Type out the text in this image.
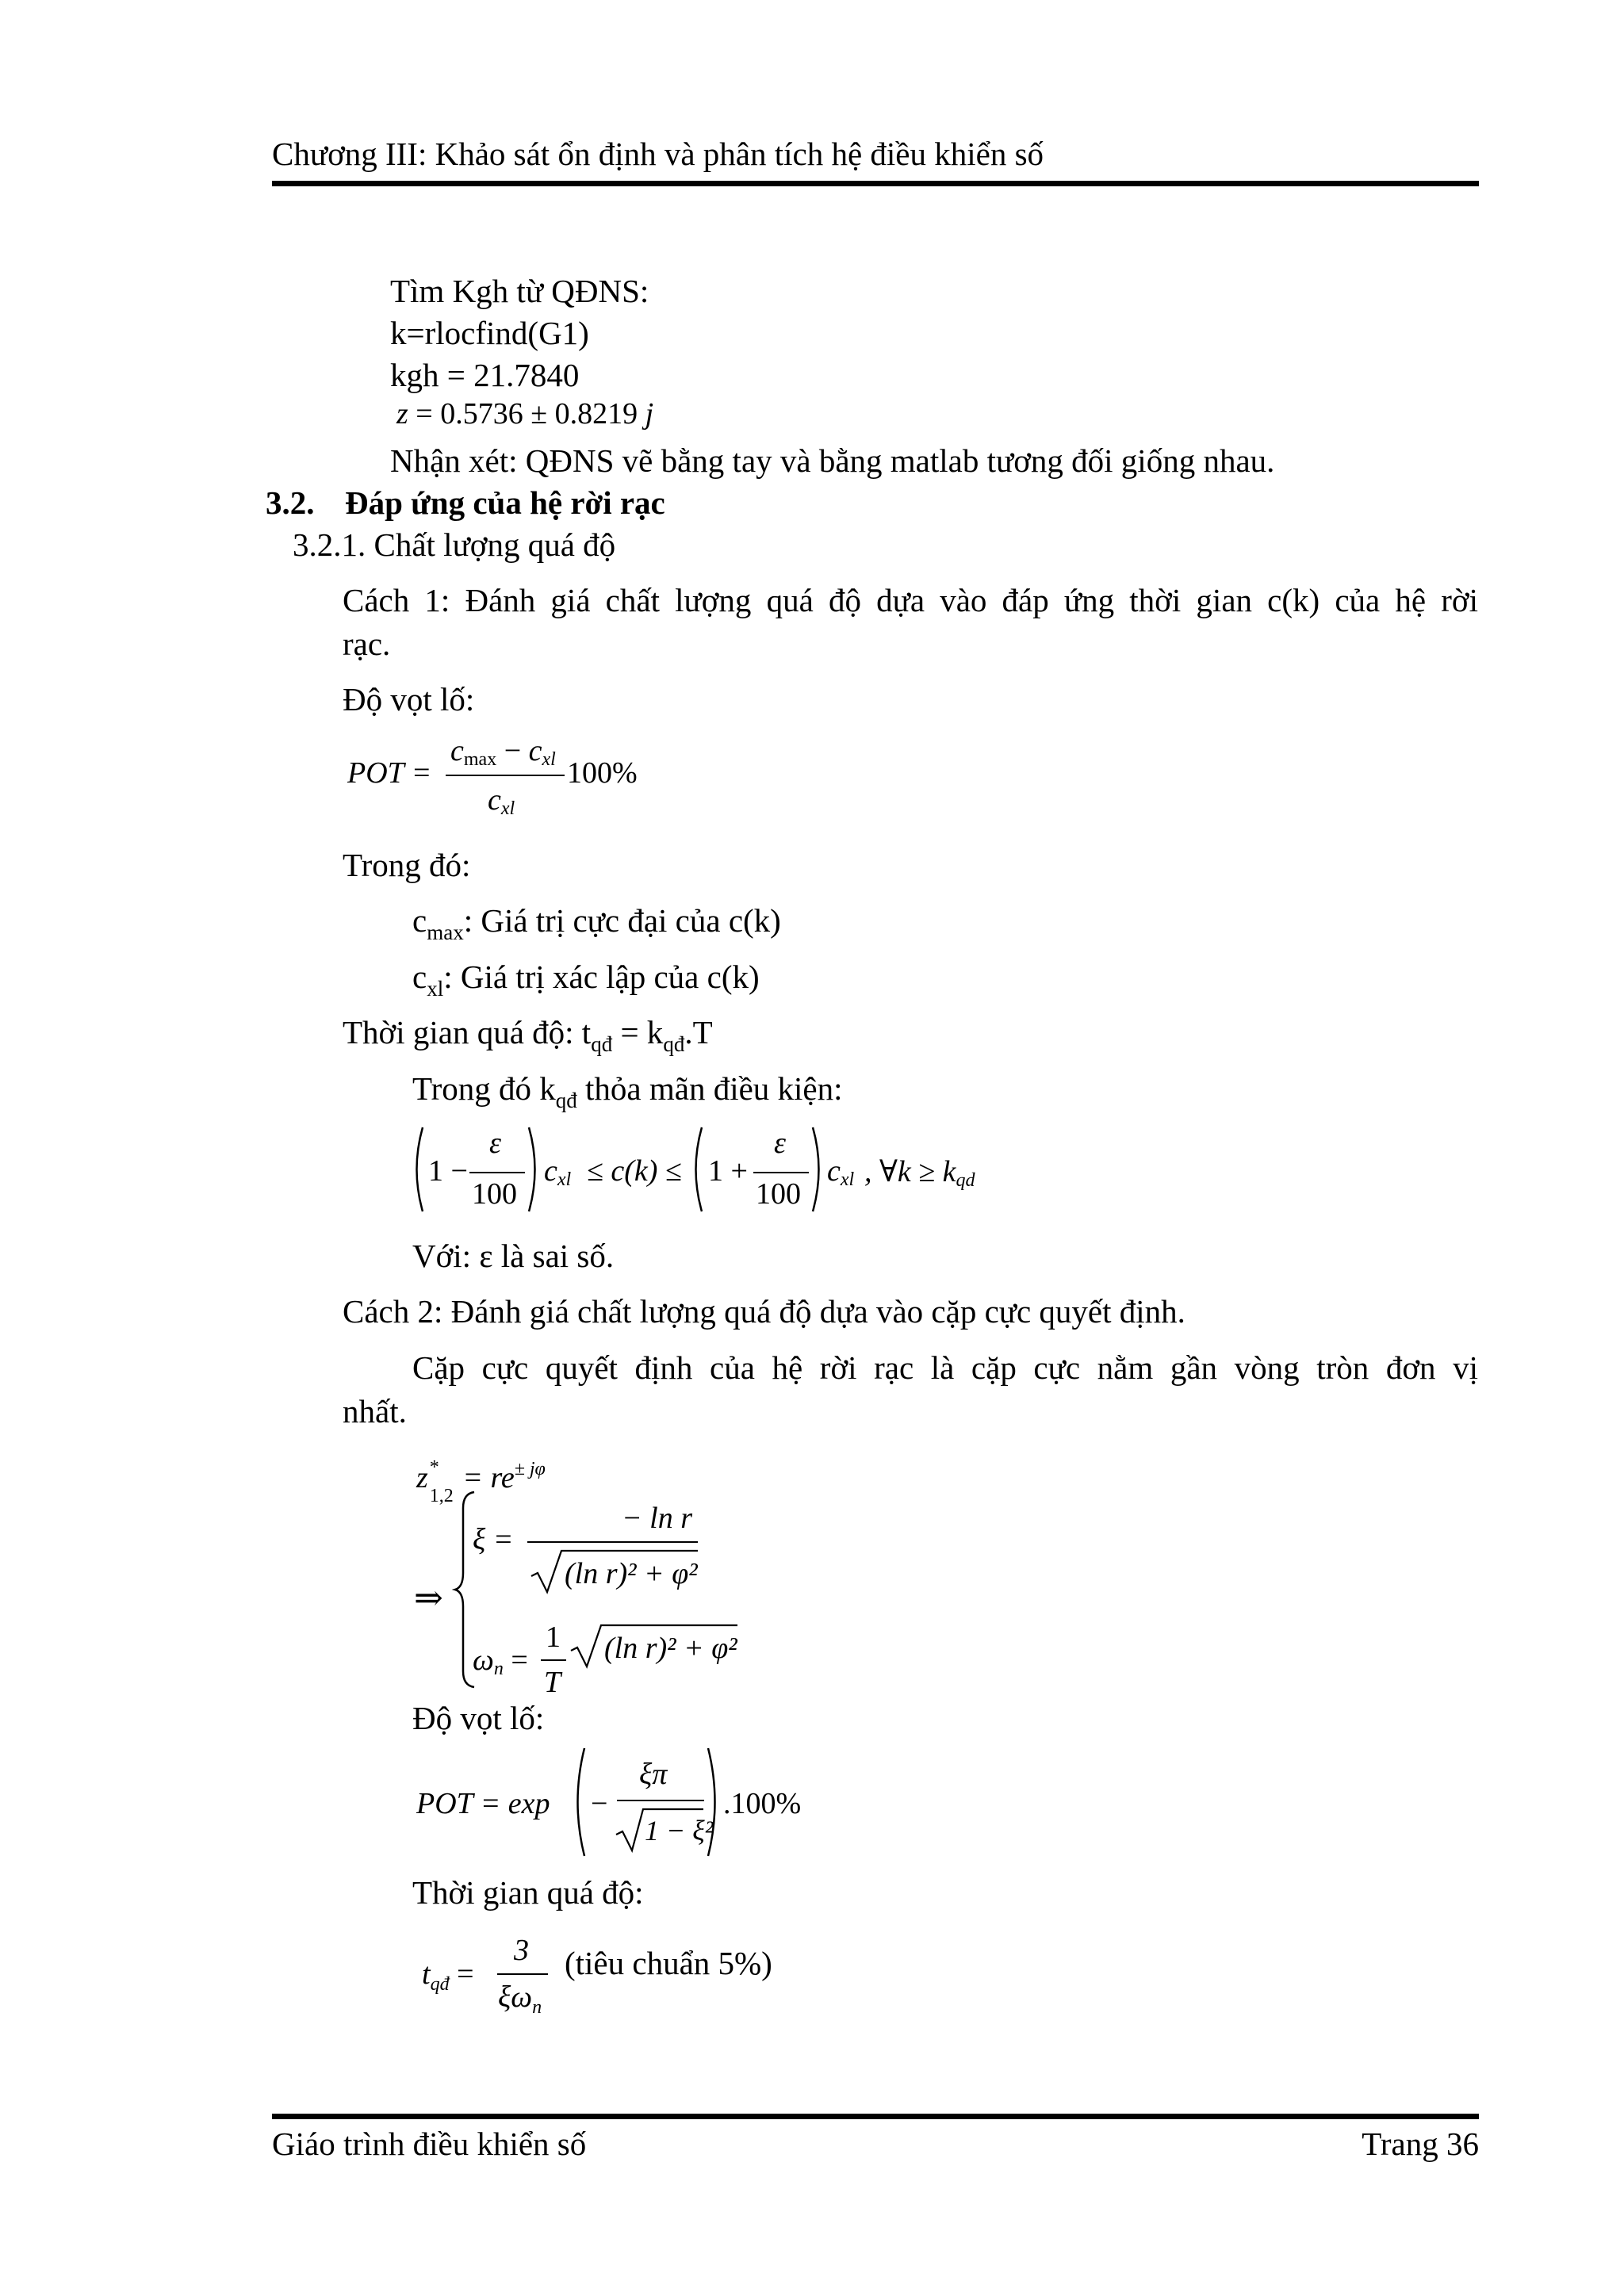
Chương III: Khảo sát ổn định và phân tích hệ điều khiển số
Tìm Kgh từ QĐNS:
k=rlocfind(G1)
kgh = 21.7840
z = 0.5736 ± 0.8219 j
Nhận xét: QĐNS vẽ bằng tay và bằng matlab tương đối giống nhau.
3.2. Đáp ứng của hệ rời rạc
3.2.1. Chất lượng quá độ
Cách 1: Đánh giá chất lượng quá độ dựa vào đáp ứng thời gian c(k) của hệ rời
rạc.
Độ vọt lố:
POT =
cmax − cxl
cxl
100%
Trong đó:
$c_{max}$: Giá trị cực đại của c(k)
$c_{xl}$: Giá trị xác lập của c(k)
Thời gian quá độ: $t_{qđ} = k_{qđ}.T$
Trong đó $k_{qđ}$ thỏa mãn điều kiện:
1 −
ε
100
cxl ≤ c(k) ≤ 1 +
ε
100
cxl , ∀k ≥ kqd
Với: ε là sai số.
Cách 2: Đánh giá chất lượng quá độ dựa vào cặp cực quyết định.
Cặp cực quyết định của hệ rời rạc là cặp cực nằm gần vòng tròn đơn vị
nhất.
z *
1,2
= $re^{\pm j\varphi}$
⇒
ξ =
− ln r
(ln r)² + φ²
ωn =
1
T
(ln r)² + φ²
Độ vọt lố:
POT = exp −
ξπ
1 − ξ²
.100%
Thời gian quá độ:
$t_{qđ}$ =
3
$\xi\omega_n$
(tiêu chuẩn 5%)
Giáo trình điều khiển số	Trang 36
